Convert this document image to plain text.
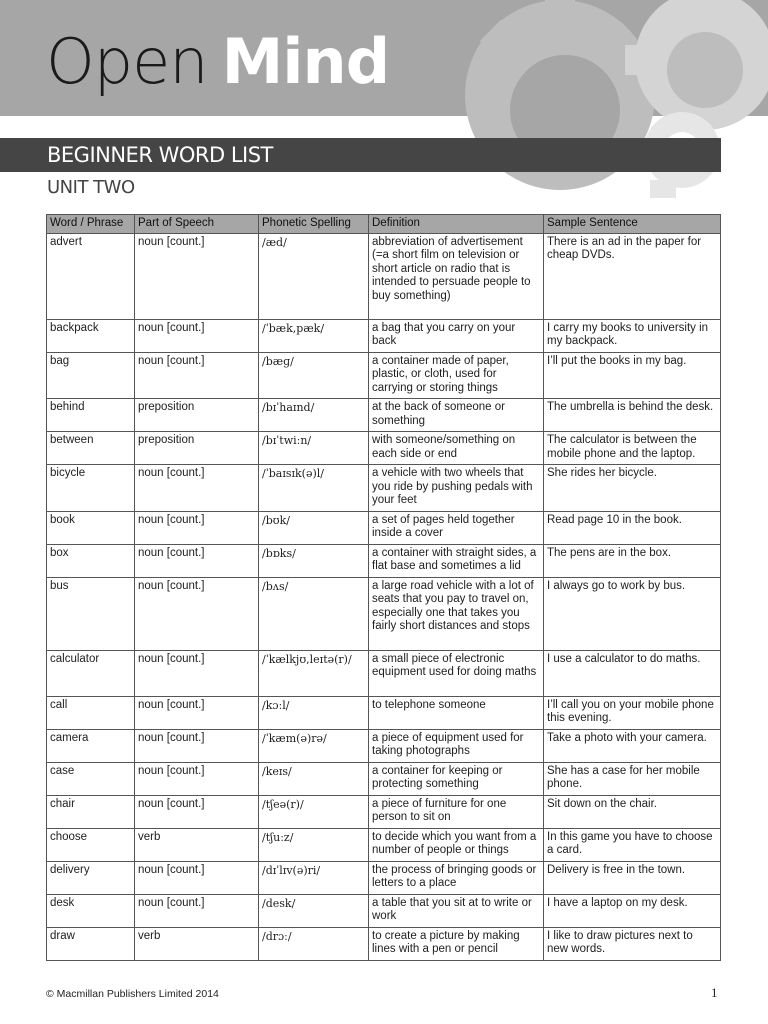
Open Mind
BEGINNER WORD LIST
UNIT TWO
Word / Phrase	Part of Speech	Phonetic Spelling	Definition	Sample Sentence
advert	noun [count.]	/æd/	abbreviation of advertisement (=a short film on television or short article on radio that is intended to persuade people to buy something)	There is an ad in the paper for cheap DVDs.
backpack	noun [count.]	/ˈbæk,pæk/	a bag that you carry on your back	I carry my books to university in my backpack.
bag	noun [count.]	/bæɡ/	a container made of paper, plastic, or cloth, used for carrying or storing things	I’ll put the books in my bag.
behind	preposition	/bɪˈhaɪnd/	at the back of someone or something	The umbrella is behind the desk.
between	preposition	/bɪˈtwiːn/	with someone/something on each side or end	The calculator is between the mobile phone and the laptop.
bicycle	noun [count.]	/ˈbaɪsɪk(ə)l/	a vehicle with two wheels that you ride by pushing pedals with your feet	She rides her bicycle.
book	noun [count.]	/bʊk/	a set of pages held together inside a cover	Read page 10 in the book.
box	noun [count.]	/bɒks/	a container with straight sides, a flat base and sometimes a lid	The pens are in the box.
bus	noun [count.]	/bʌs/	a large road vehicle with a lot of seats that you pay to travel on, especially one that takes you fairly short distances and stops	I always go to work by bus.
calculator	noun [count.]	/ˈkælkjʊ,leɪtə(r)/	a small piece of electronic equipment used for doing maths	I use a calculator to do maths.
call	noun [count.]	/kɔːl/	to telephone someone	I’ll call you on your mobile phone this evening.
camera	noun [count.]	/ˈkæm(ə)rə/	a piece of equipment used for taking photographs	Take a photo with your camera.
case	noun [count.]	/keɪs/	a container for keeping or protecting something	She has a case for her mobile phone.
chair	noun [count.]	/tʃeə(r)/	a piece of furniture for one person to sit on	Sit down on the chair.
choose	verb	/tʃuːz/	to decide which you want from a number of people or things	In this game you have to choose a card.
delivery	noun [count.]	/dɪˈlɪv(ə)ri/	the process of bringing goods or letters to a place	Delivery is free in the town.
desk	noun [count.]	/desk/	a table that you sit at to write or work	I have a laptop on my desk.
draw	verb	/drɔː/	to create a picture by making lines with a pen or pencil	I like to draw pictures next to new words.
© Macmillan Publishers Limited 2014	1
